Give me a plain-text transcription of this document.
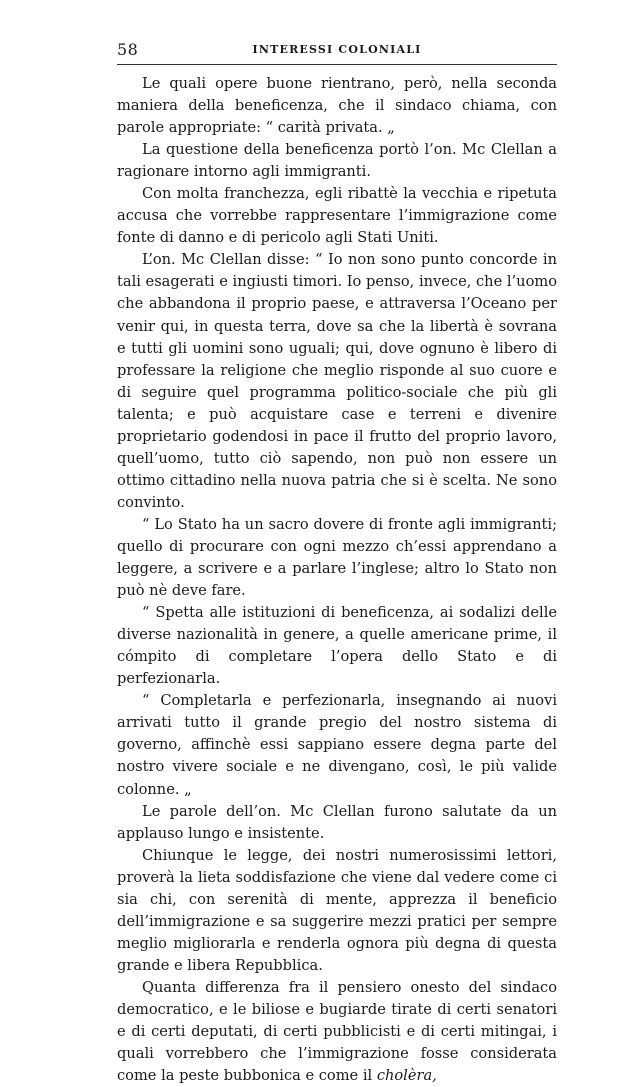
58	INTERESSI COLONIALI

Le quali opere buone rientrano, però, nella seconda maniera della beneficenza, che il sindaco chiama, con parole appropriate: “ carità privata. „

La questione della beneficenza portò l’on. Mc Clellan a ragionare intorno agli immigranti.

Con molta franchezza, egli ribattè la vecchia e ripetuta accusa che vorrebbe rappresentare l’immigrazione come fonte di danno e di pericolo agli Stati Uniti.

L’on. Mc Clellan disse: “ Io non sono punto concorde in tali esagerati e ingiusti timori. Io penso, invece, che l’uomo che abbandona il proprio paese, e attraversa l’Oceano per venir qui, in questa terra, dove sa che la libertà è sovrana e tutti gli uomini sono uguali; qui, dove ognuno è libero di professare la religione che meglio risponde al suo cuore e di seguire quel programma politico-sociale che più gli talenta; e può acquistare case e terreni e divenire proprietario godendosi in pace il frutto del proprio lavoro, quell’uomo, tutto ciò sapendo, non può non essere un ottimo cittadino nella nuova patria che si è scelta. Ne sono convinto.

“ Lo Stato ha un sacro dovere di fronte agli immigranti; quello di procurare con ogni mezzo ch’essi apprendano a leggere, a scrivere e a parlare l’inglese; altro lo Stato non può nè deve fare.

“ Spetta alle istituzioni di beneficenza, ai sodalizi delle diverse nazionalità in genere, a quelle americane prime, il cómpito di completare l’opera dello Stato e di perfezionarla.

“ Completarla e perfezionarla, insegnando ai nuovi arrivati tutto il grande pregio del nostro sistema di governo, affinchè essi sappiano essere degna parte del nostro vivere sociale e ne divengano, così, le più valide colonne. „

Le parole dell’on. Mc Clellan furono salutate da un applauso lungo e insistente.

Chiunque le legge, dei nostri numerosissimi lettori, proverà la lieta soddisfazione che viene dal vedere come ci sia chi, con serenità di mente, apprezza il beneficio dell’immigrazione e sa suggerire mezzi pratici per sempre meglio migliorarla e renderla ognora più degna di questa grande e libera Repubblica.

Quanta differenza fra il pensiero onesto del sindaco democratico, e le biliose e bugiarde tirate di certi senatori e di certi deputati, di certi pubblicisti e di certi mitingai, i quali vorrebbero che l’immigrazione fosse considerata come la peste bubbonica e come il cholèra,
